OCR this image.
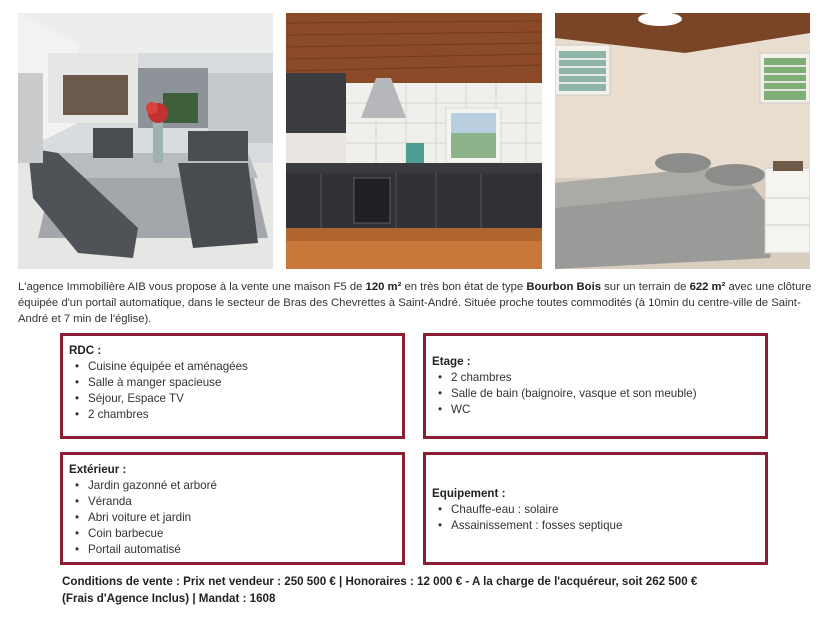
L'agence Immobilière AIB vous propose à la vente une maison F5 de 120 m² en très bon état de type Bourbon Bois sur un terrain de 622 m² avec une clôture équipée d'un portail automatique, dans le secteur de Bras des Chevrettes à Saint-André. Située proche toutes commodités (à 10min du centre-ville de Saint-André et 7 min de l'église).
RDC :
• Cuisine équipée et aménagées
• Salle à manger spacieuse
• Séjour, Espace TV
• 2 chambres
Etage :
• 2 chambres
• Salle de bain (baignoire, vasque et son meuble)
• WC
Extérieur :
• Jardin gazonné et arboré
• Véranda
• Abri voiture et jardin
• Coin barbecue
• Portail automatisé
Equipement :
• Chauffe-eau : solaire
• Assainissement : fosses septique
Conditions de vente : Prix net vendeur : 250 500 € | Honoraires : 12 000 € - A la charge de l'acquéreur, soit 262 500 €
(Frais d'Agence Inclus) | Mandat : 1608
